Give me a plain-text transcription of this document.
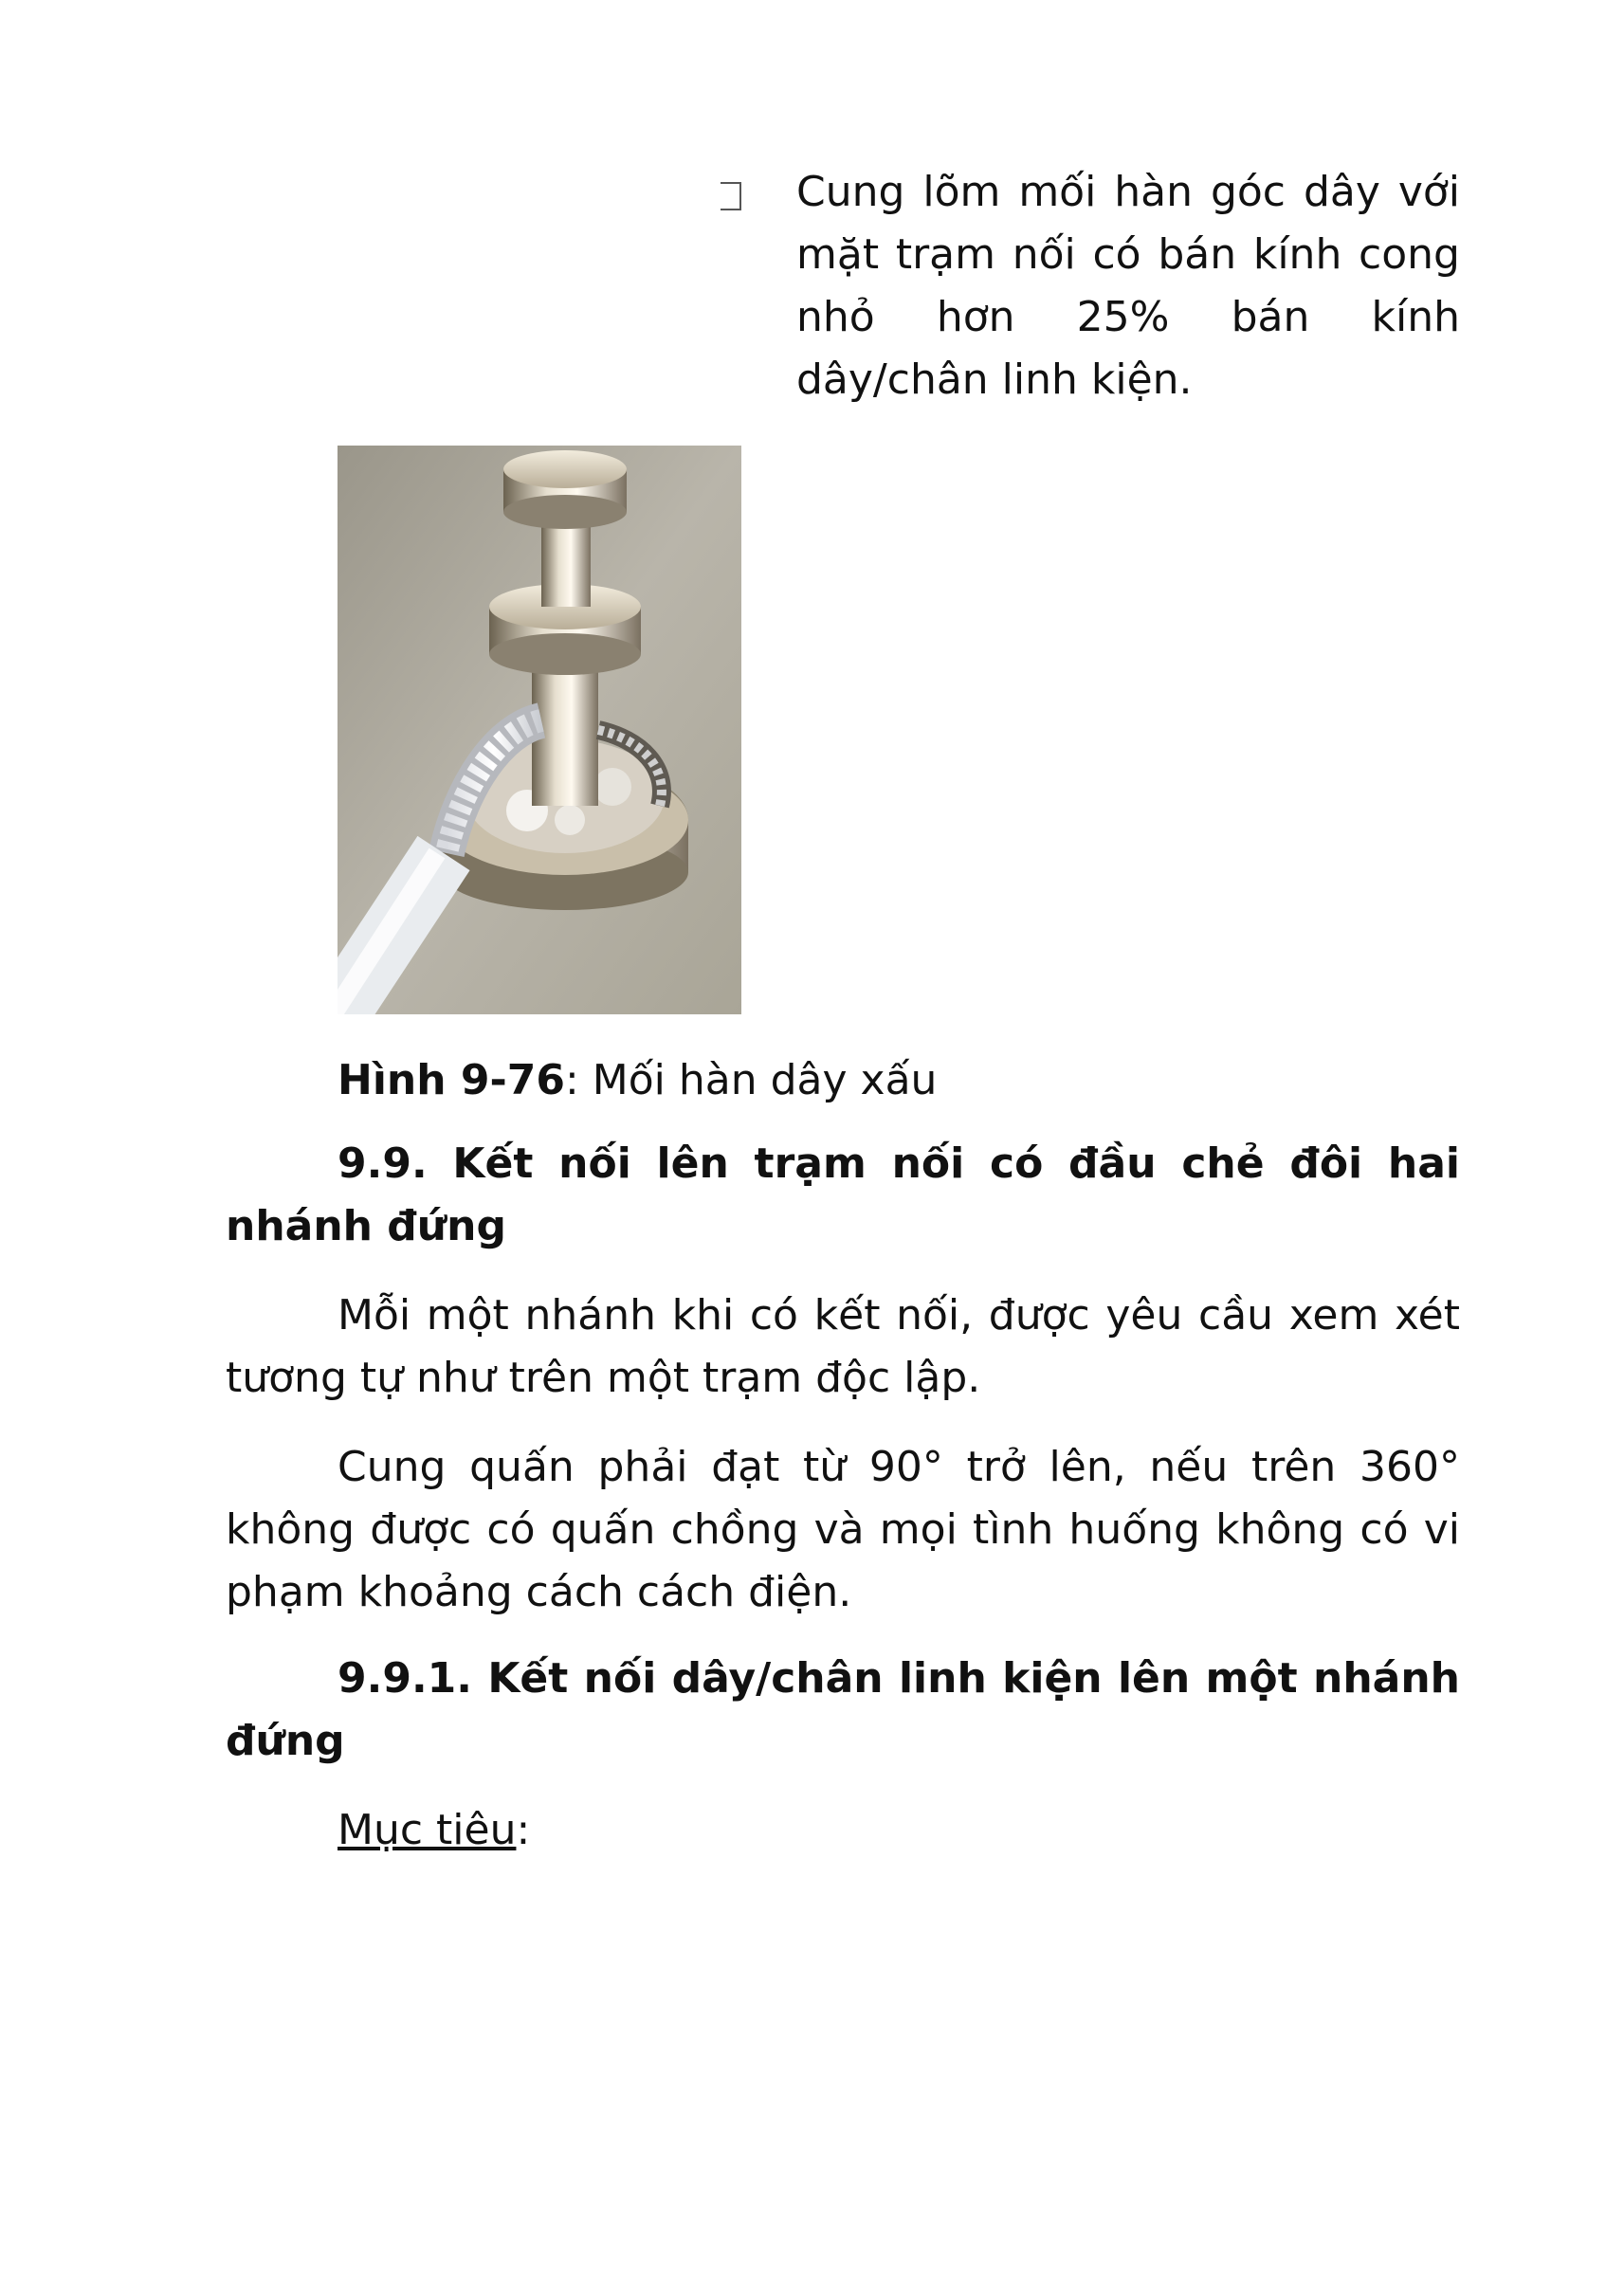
Cung lõm mối hàn góc dây với mặt trạm nối có bán kính cong nhỏ hơn 25% bán kính dây/chân linh kiện.
Hình 9-76: Mối hàn dây xấu
9.9. Kết nối lên trạm nối có đầu chẻ đôi hai nhánh đứng
Mỗi một nhánh khi có kết nối, được yêu cầu xem xét tương tự như trên một trạm độc lập.
Cung quấn phải đạt từ 90° trở lên, nếu trên 360° không được có quấn chồng và mọi tình huống không có vi phạm khoảng cách cách điện.
9.9.1. Kết nối dây/chân linh kiện lên một nhánh đứng
Mục tiêu:
